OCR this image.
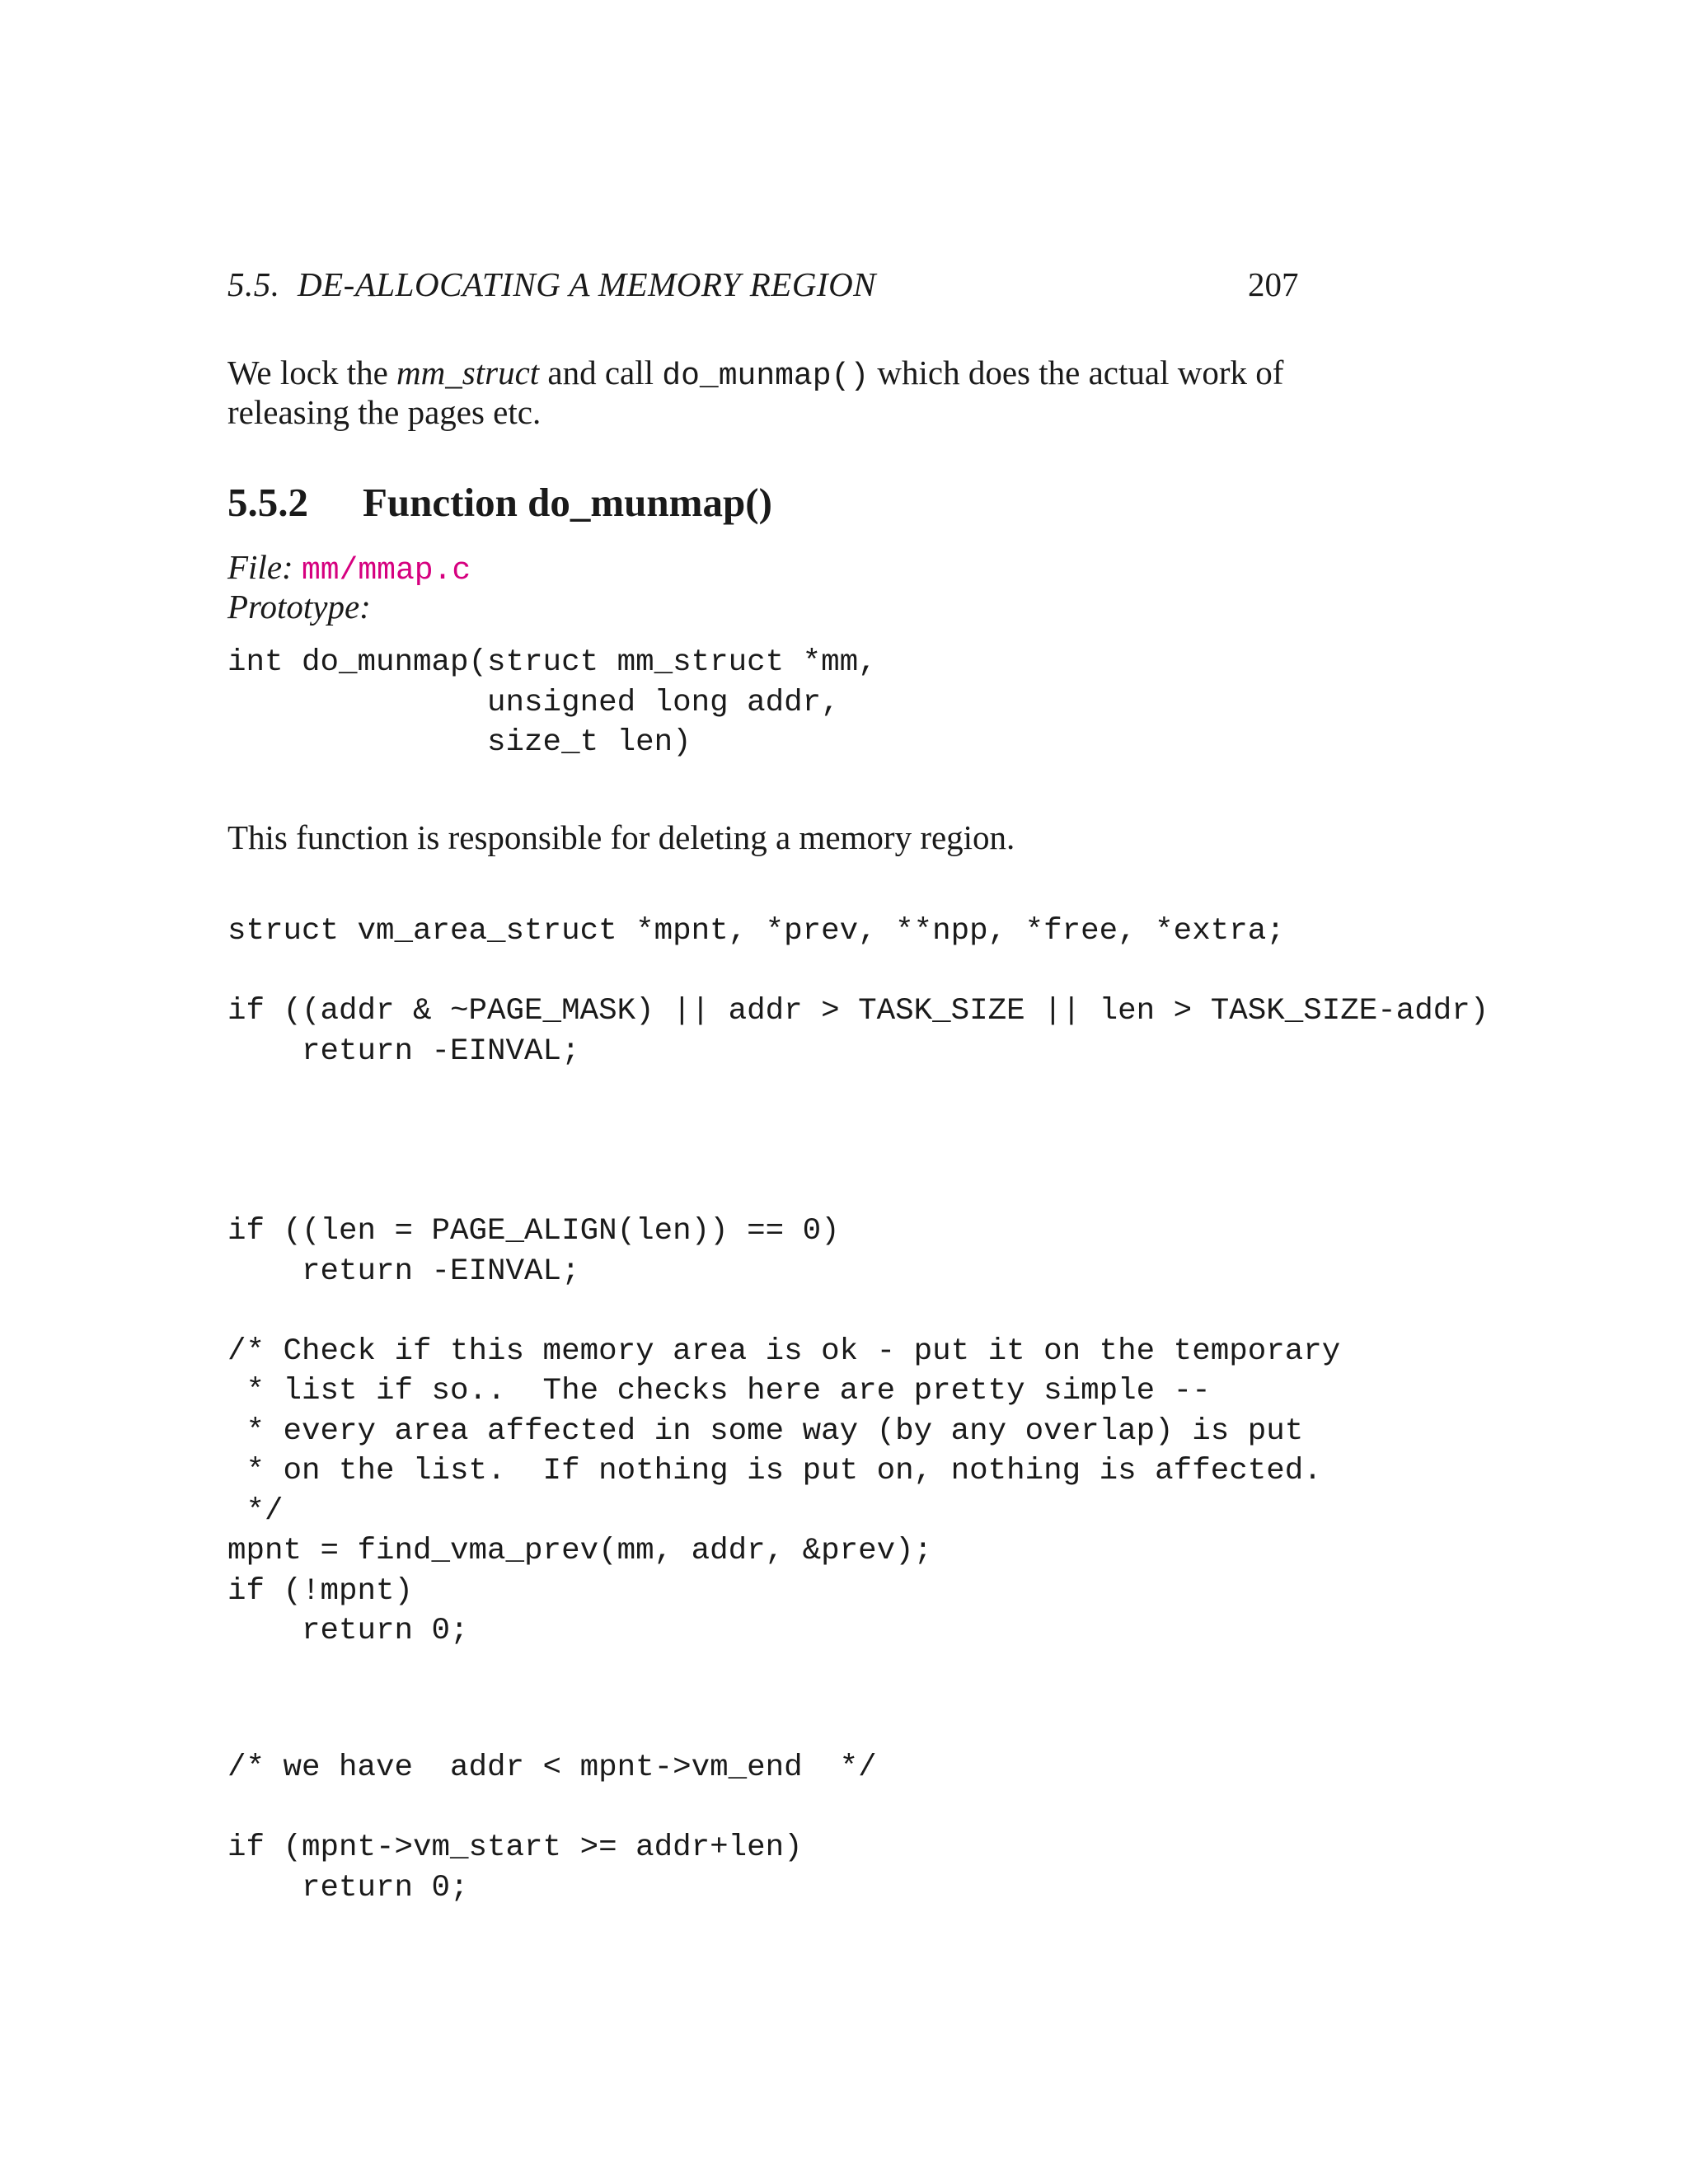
5.5.  DE-ALLOCATING A MEMORY REGION	207
We lock the mm_struct and call do_munmap() which does the actual work of
releasing the pages etc.
5.5.2 Function do_munmap()
File: mm/mmap.c
Prototype:
int do_munmap(struct mm_struct *mm,
unsigned long addr,
size_t len)
This function is responsible for deleting a memory region.
struct vm_area_struct *mpnt, *prev, **npp, *free, *extra;

if ((addr & ~PAGE_MASK) || addr > TASK_SIZE || len > TASK_SIZE-addr)
return -EINVAL;
if ((len = PAGE_ALIGN(len)) == 0)
return -EINVAL;

/* Check if this memory area is ok - put it on the temporary
* list if so..  The checks here are pretty simple --
* every area affected in some way (by any overlap) is put
* on the list.  If nothing is put on, nothing is affected.
*/
mpnt = find_vma_prev(mm, addr, &prev);
if (!mpnt)
return 0;
/* we have  addr < mpnt->vm_end  */

if (mpnt->vm_start >= addr+len)
return 0;
